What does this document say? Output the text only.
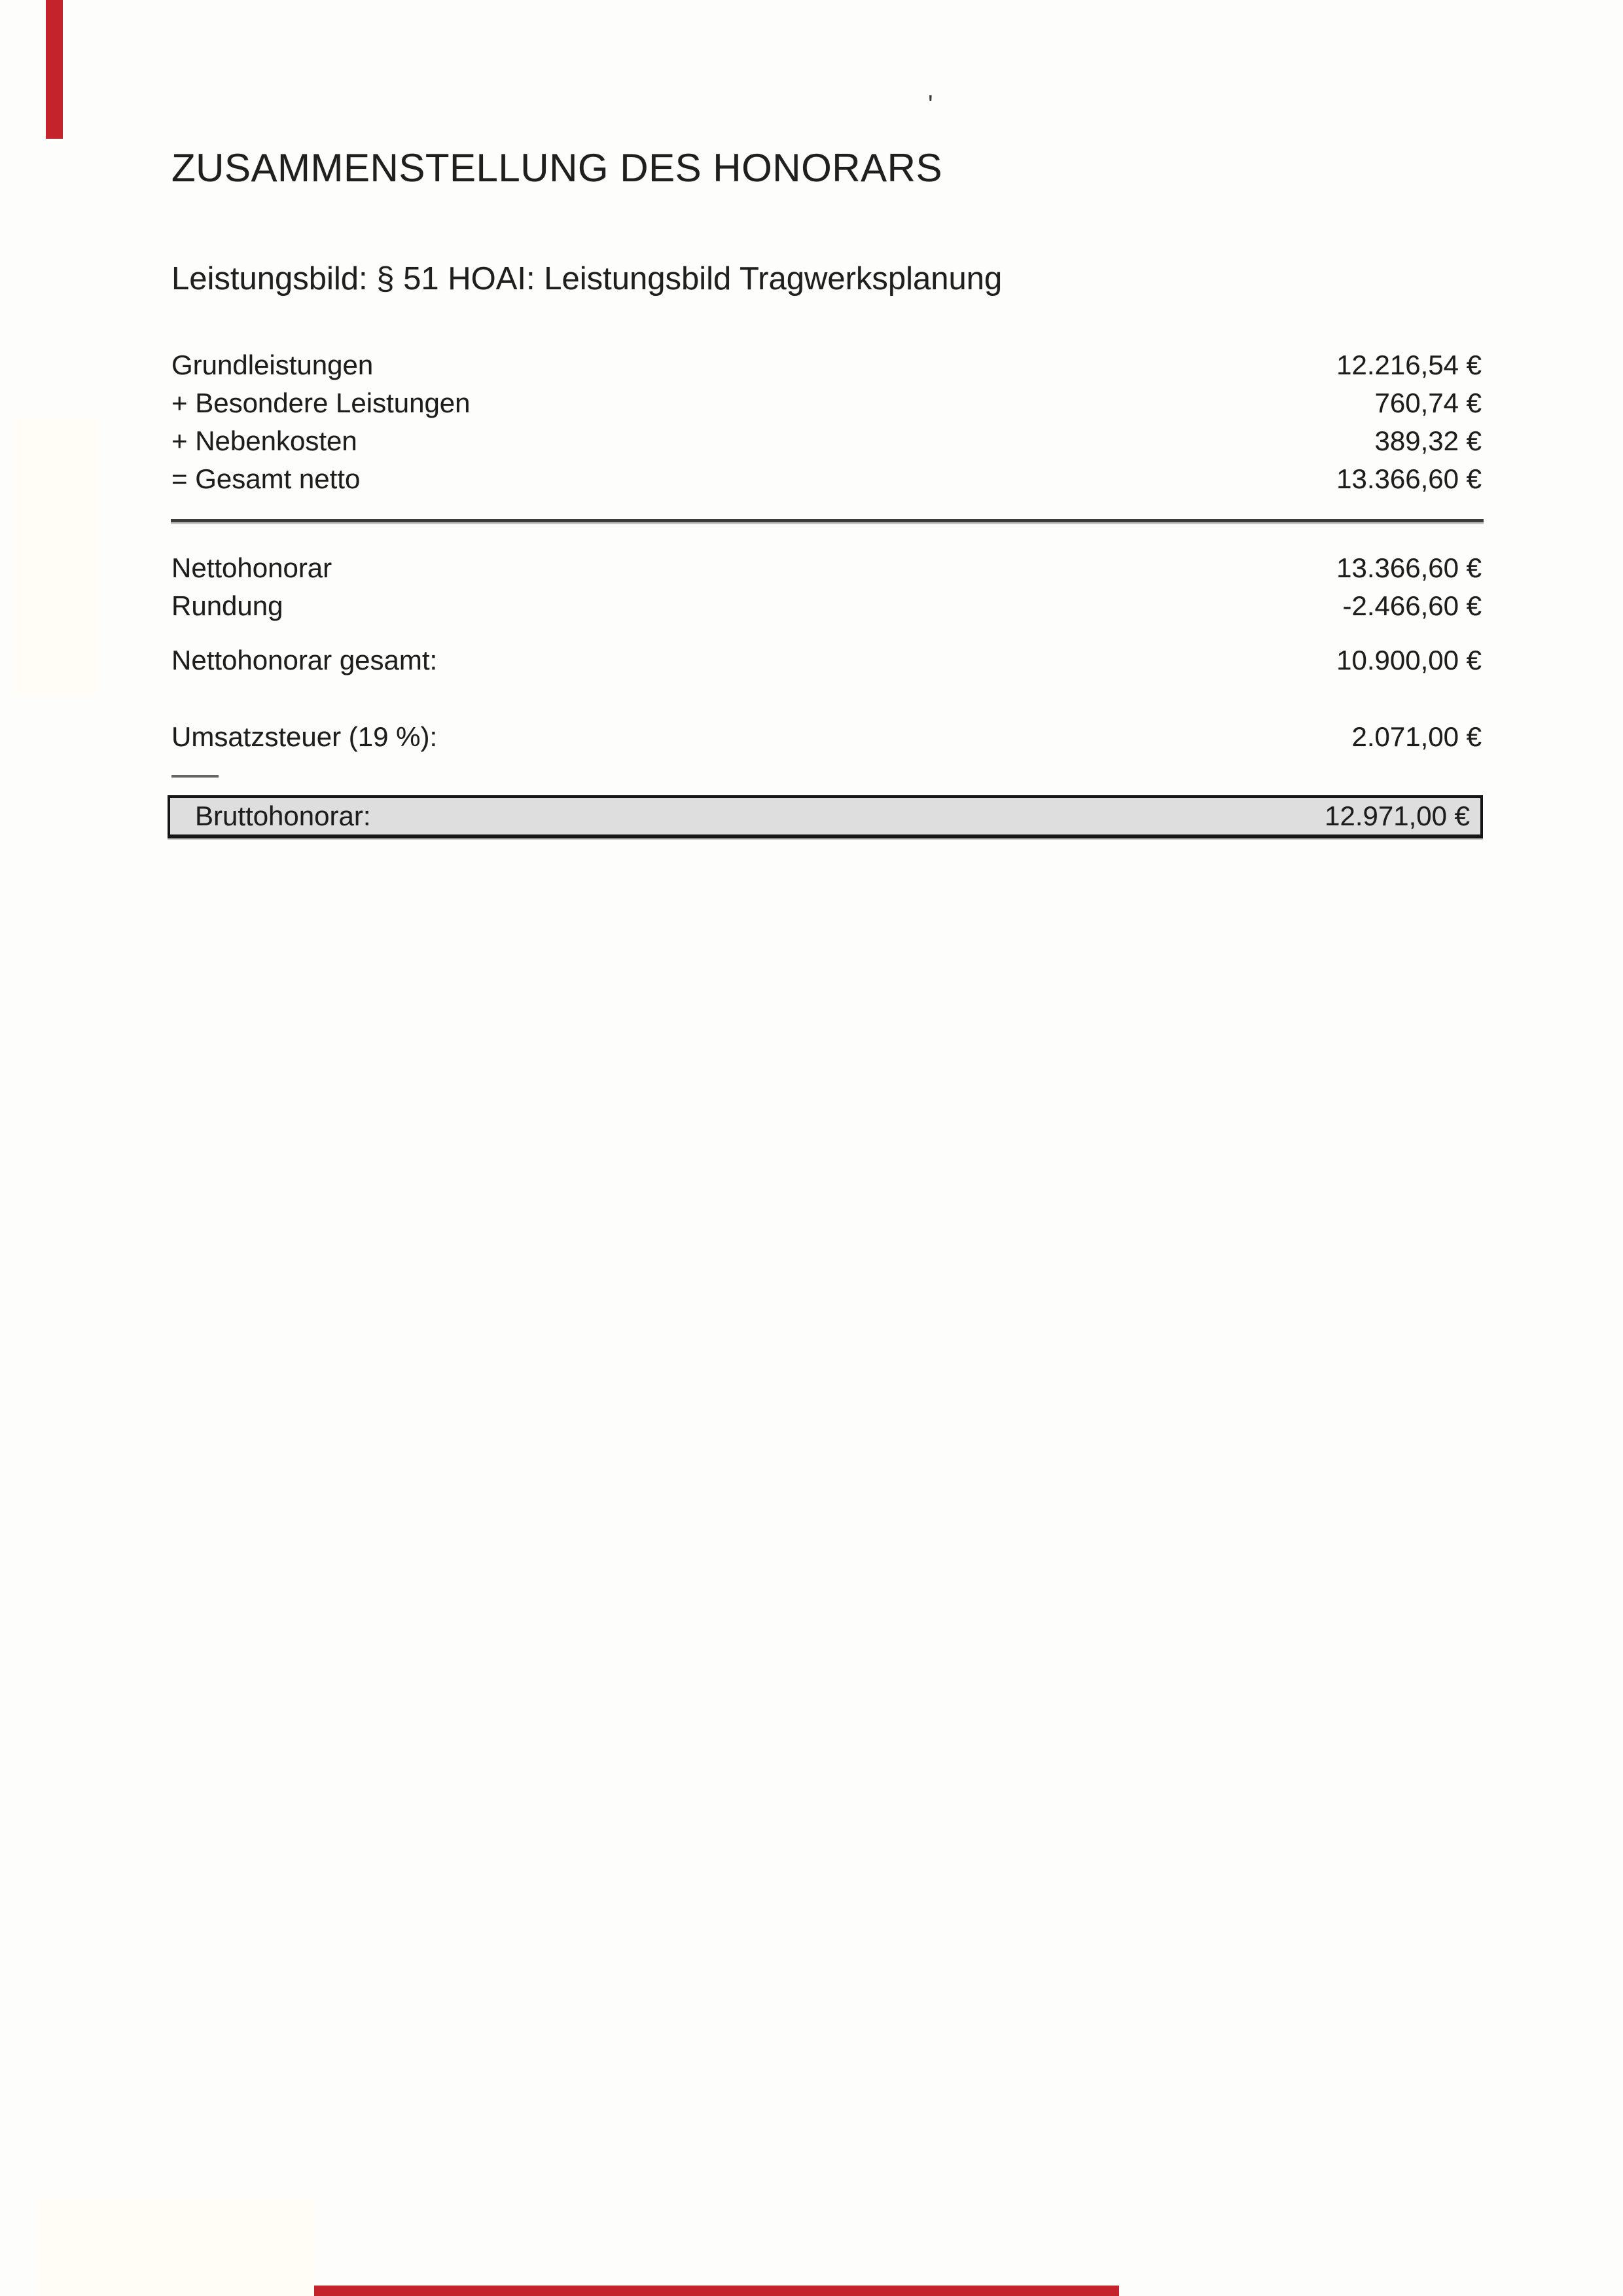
'
ZUSAMMENSTELLUNG DES HONORARS
Leistungsbild: § 51 HOAI: Leistungsbild Tragwerksplanung
Grundleistungen	12.216,54 €
+ Besondere Leistungen	760,74 €
+ Nebenkosten	389,32 €
= Gesamt netto	13.366,60 €
Nettohonorar	13.366,60 €
Rundung	-2.466,60 €
Nettohonorar gesamt:	10.900,00 €
Umsatzsteuer (19 %):	2.071,00 €
Bruttohonorar:	12.971,00 €
